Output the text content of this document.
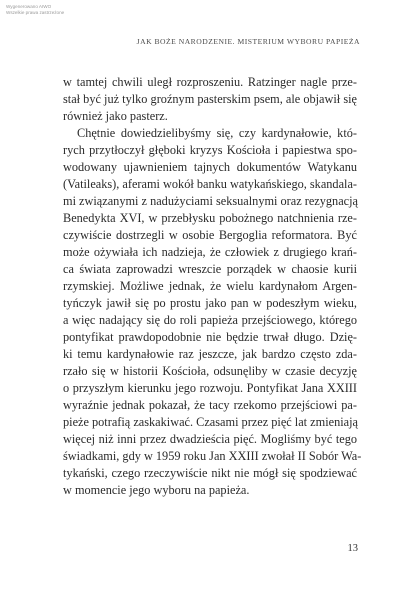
Wygenerowano AIWO
Wszelkie prawa zastrzeżone
JAK BOŻE NARODZENIE. MISTERIUM WYBORU PAPIEŻA

w tamtej chwili uległ rozproszeniu. Ratzinger nagle prze-
stał być już tylko groźnym pasterskim psem, ale objawił się
również jako pasterz.

Chętnie dowiedzielibyśmy się, czy kardynałowie, któ-
rych przytłoczył głęboki kryzys Kościoła i papiestwa spo-
wodowany ujawnieniem tajnych dokumentów Watykanu
(Vatileaks), aferami wokół banku watykańskiego, skandala-
mi związanymi z nadużyciami seksualnymi oraz rezygnacją
Benedykta XVI, w przebłysku pobożnego natchnienia rze-
czywiście dostrzegli w osobie Bergoglia reformatora. Być
może ożywiała ich nadzieja, że człowiek z drugiego krań-
ca świata zaprowadzi wreszcie porządek w chaosie kurii
rzymskiej. Możliwe jednak, że wielu kardynałom Argen-
tyńczyk jawił się po prostu jako pan w podeszłym wieku,
a więc nadający się do roli papieża przejściowego, którego
pontyfikat prawdopodobnie nie będzie trwał długo. Dzię-
ki temu kardynałowie raz jeszcze, jak bardzo często zda-
rzało się w historii Kościoła, odsunęliby w czasie decyzję
o przyszłym kierunku jego rozwoju. Pontyfikat Jana XXIII
wyraźnie jednak pokazał, że tacy rzekomo przejściowi pa-
pieże potrafią zaskakiwać. Czasami przez pięć lat zmieniają
więcej niż inni przez dwadzieścia pięć. Mogliśmy być tego
świadkami, gdy w 1959 roku Jan XXIII zwołał II Sobór Wa-
tykański, czego rzeczywiście nikt nie mógł się spodziewać
w momencie jego wyboru na papieża.

13
